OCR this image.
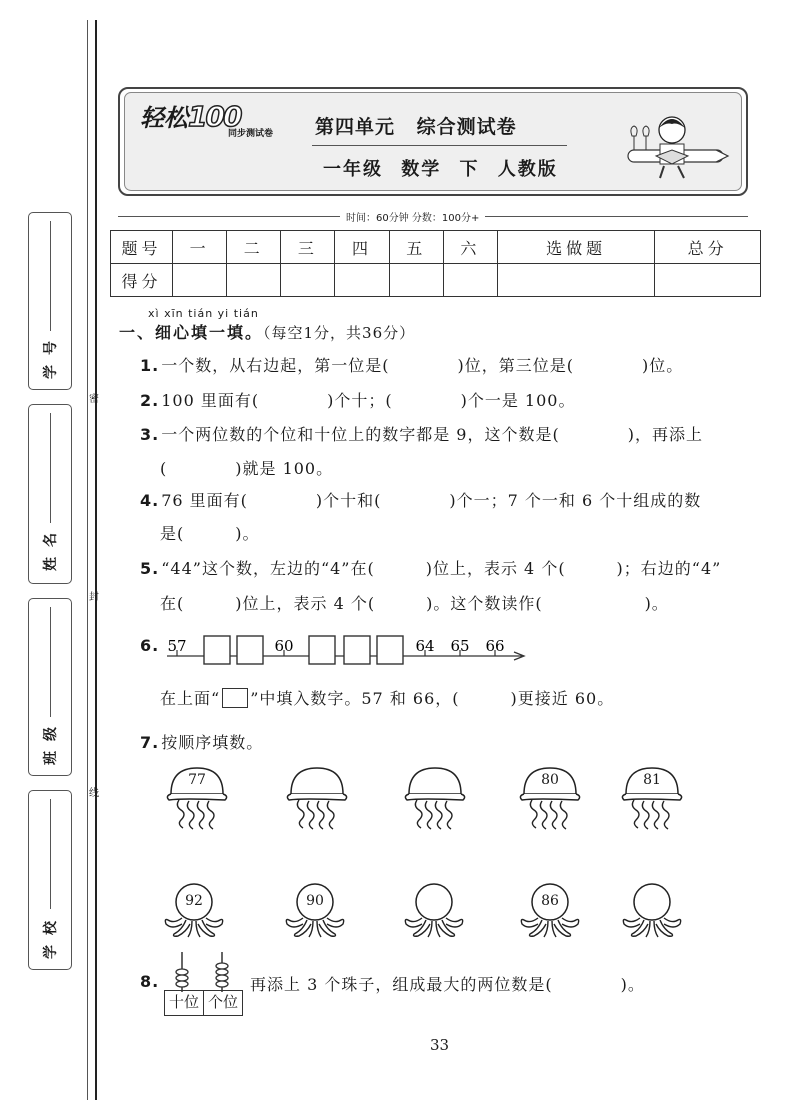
学号
姓名
班级
学校
密
封
线
轻松100
同步测试卷 第四单元 综合测试卷
一年级 数学 下 人教版
时间：60分钟 分数：100分+
题号	一	二	三	四	五	六	选做题	总分
得分								
xì xīn tián yi tián
一、细心填一填。（每空1分，共36分）
1. 一个数，从右边起，第一位是(　　　　)位，第三位是(　　　　)位。
2. 100 里面有(　　　　)个十；(　　　　)个一是 100。
3. 一个两位数的个位和十位上的数字都是 9，这个数是(　　　　)，再添上
(　　　　)就是 100。
4. 76 里面有(　　　　)个十和(　　　　)个一；7 个一和 6 个十组成的数
是(　　　)。
5. “44”这个数，左边的“4”在(　　　)位上，表示 4 个(　　　)；右边的“4”
在(　　　)位上，表示 4 个(　　　)。这个数读作(　　　　　　)。
6. 57	60	64 65 66
在上面“ ”中填入数字。57 和 66，(　　　)更接近 60。
7. 按顺序填数。
77	80	81
92	90	86
8.
十位 个位
再添上 3 个珠子，组成最大的两位数是(　　　　)。
33
